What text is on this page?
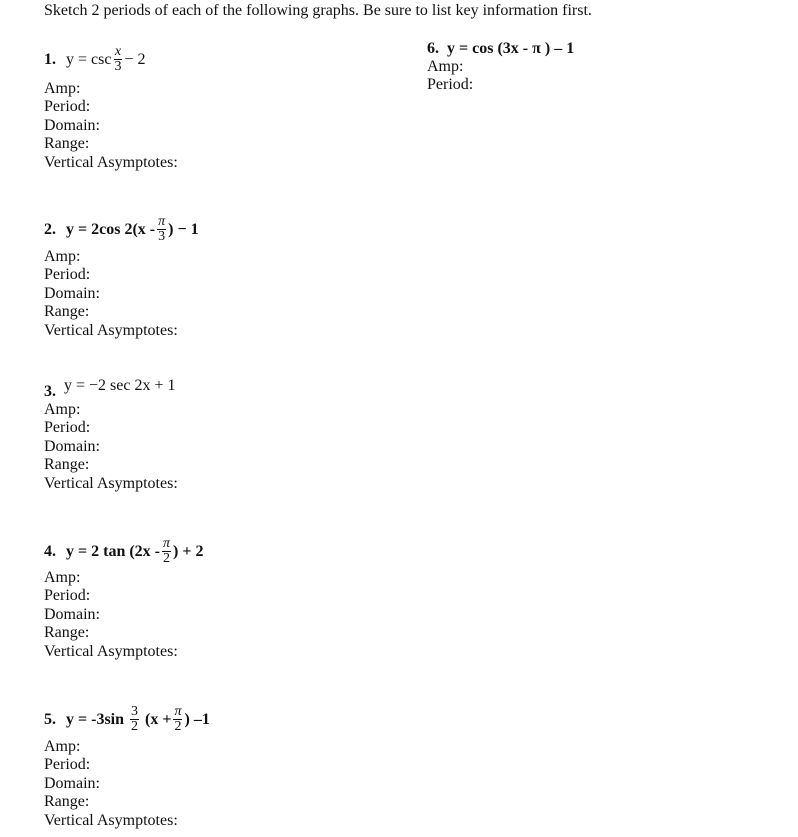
Sketch 2 periods of each of the following graphs. Be sure to list key information first.
1. $y = \csc \frac{x}{3} - 2$
Amp:
Period:
Domain:
Range:
Vertical Asymptotes:
2. y = 2cos $2(x - \frac{\pi}{3}$ ) − 1
Amp:
Period:
Domain:
Range:
Vertical Asymptotes:
3. y = −2 sec 2x + 1
Amp:
Period:
Domain:
Range:
Vertical Asymptotes:
4. y = 2 $\tan (2x - \frac{\pi}{2}$ ) + 2
Amp:
Period:
Domain:
Range:
Vertical Asymptotes:
5. $y = -3\sin \frac{3}{2} (x + \frac{\pi}{2}$ ) –1
Amp:
Period:
Domain:
Range:
Vertical Asymptotes:
6. y = cos (3x - π ) – 1
Amp:
Period:
